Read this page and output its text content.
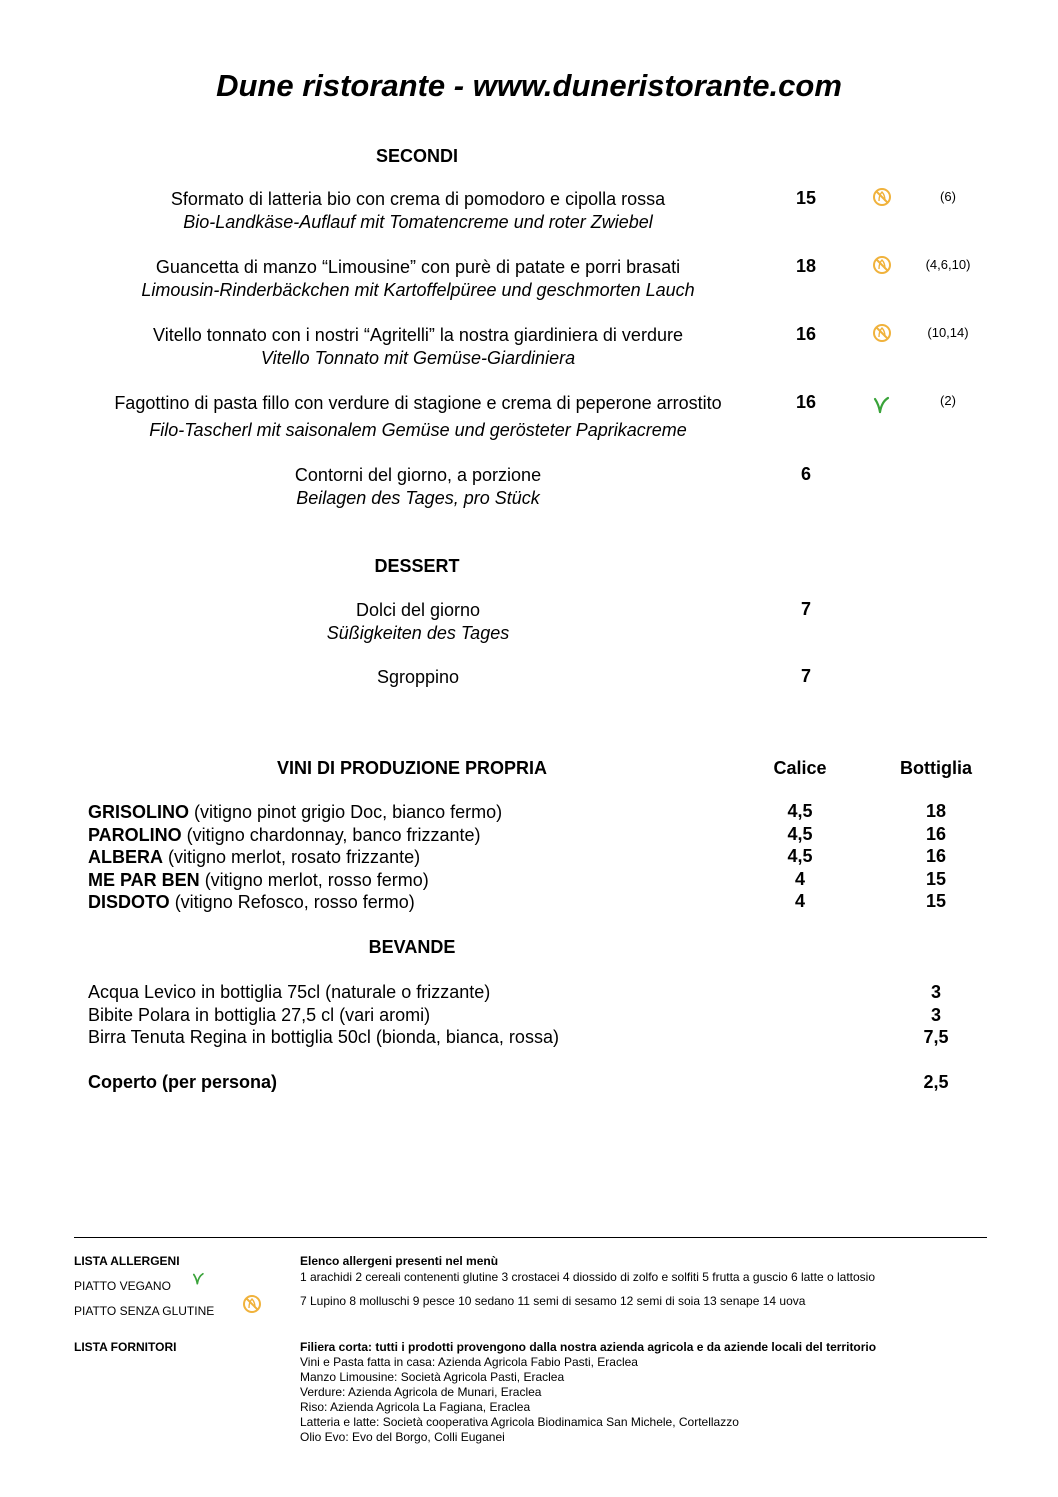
Dune ristorante - www.duneristorante.com
SECONDI
Sformato di latteria bio con crema di pomodoro e cipolla rossa
Bio-Landkäse-Auflauf mit Tomatencreme und roter Zwiebel
15	(6)
Guancetta di manzo “Limousine” con purè di patate e porri brasati
Limousin-Rinderbäckchen mit Kartoffelpüree und geschmorten Lauch
18	(4,6,10)
Vitello tonnato con i nostri “Agritelli” la nostra giardiniera di verdure
Vitello Tonnato mit Gemüse-Giardiniera
16	(10,14)
Fagottino di pasta fillo con verdure di stagione e crema di peperone arrostito
Filo-Tascherl mit saisonalem Gemüse und gerösteter Paprikacreme
16	(2)
Contorni del giorno, a porzione
Beilagen des Tages, pro Stück
6
DESSERT
Dolci del giorno
Süßigkeiten des Tages
7
Sgroppino	7
VINI DI PRODUZIONE PROPRIA	Calice	Bottiglia
GRISOLINO (vitigno pinot grigio Doc, bianco fermo)	4,5	18
PAROLINO (vitigno chardonnay, banco frizzante)	4,5	16
ALBERA (vitigno merlot, rosato frizzante)	4,5	16
ME PAR BEN (vitigno merlot, rosso fermo)	4	15
DISDOTO (vitigno Refosco, rosso fermo)	4	15
BEVANDE
Acqua Levico in bottiglia 75cl (naturale o frizzante)	3
Bibite Polara in bottiglia 27,5 cl (vari aromi)	3
Birra Tenuta Regina in bottiglia 50cl (bionda, bianca, rossa)	7,5
Coperto (per persona)	2,5
LISTA ALLERGENI
PIATTO VEGANO
PIATTO SENZA GLUTINE
LISTA FORNITORI
Elenco allergeni presenti nel menù
1 arachidi 2 cereali contenenti glutine 3 crostacei 4 diossido di zolfo e solfiti 5 frutta a guscio 6 latte o lattosio
7 Lupino 8 molluschi 9 pesce 10 sedano 11 semi di sesamo 12 semi di soia 13 senape 14 uova
Filiera corta: tutti i prodotti provengono dalla nostra azienda agricola e da aziende locali del territorio
Vini e Pasta fatta in casa: Azienda Agricola Fabio Pasti, Eraclea
Manzo Limousine: Società Agricola Pasti, Eraclea
Verdure: Azienda Agricola de Munari, Eraclea
Riso: Azienda Agricola La Fagiana, Eraclea
Latteria e latte: Società cooperativa Agricola Biodinamica San Michele, Cortellazzo
Olio Evo: Evo del Borgo, Colli Euganei
